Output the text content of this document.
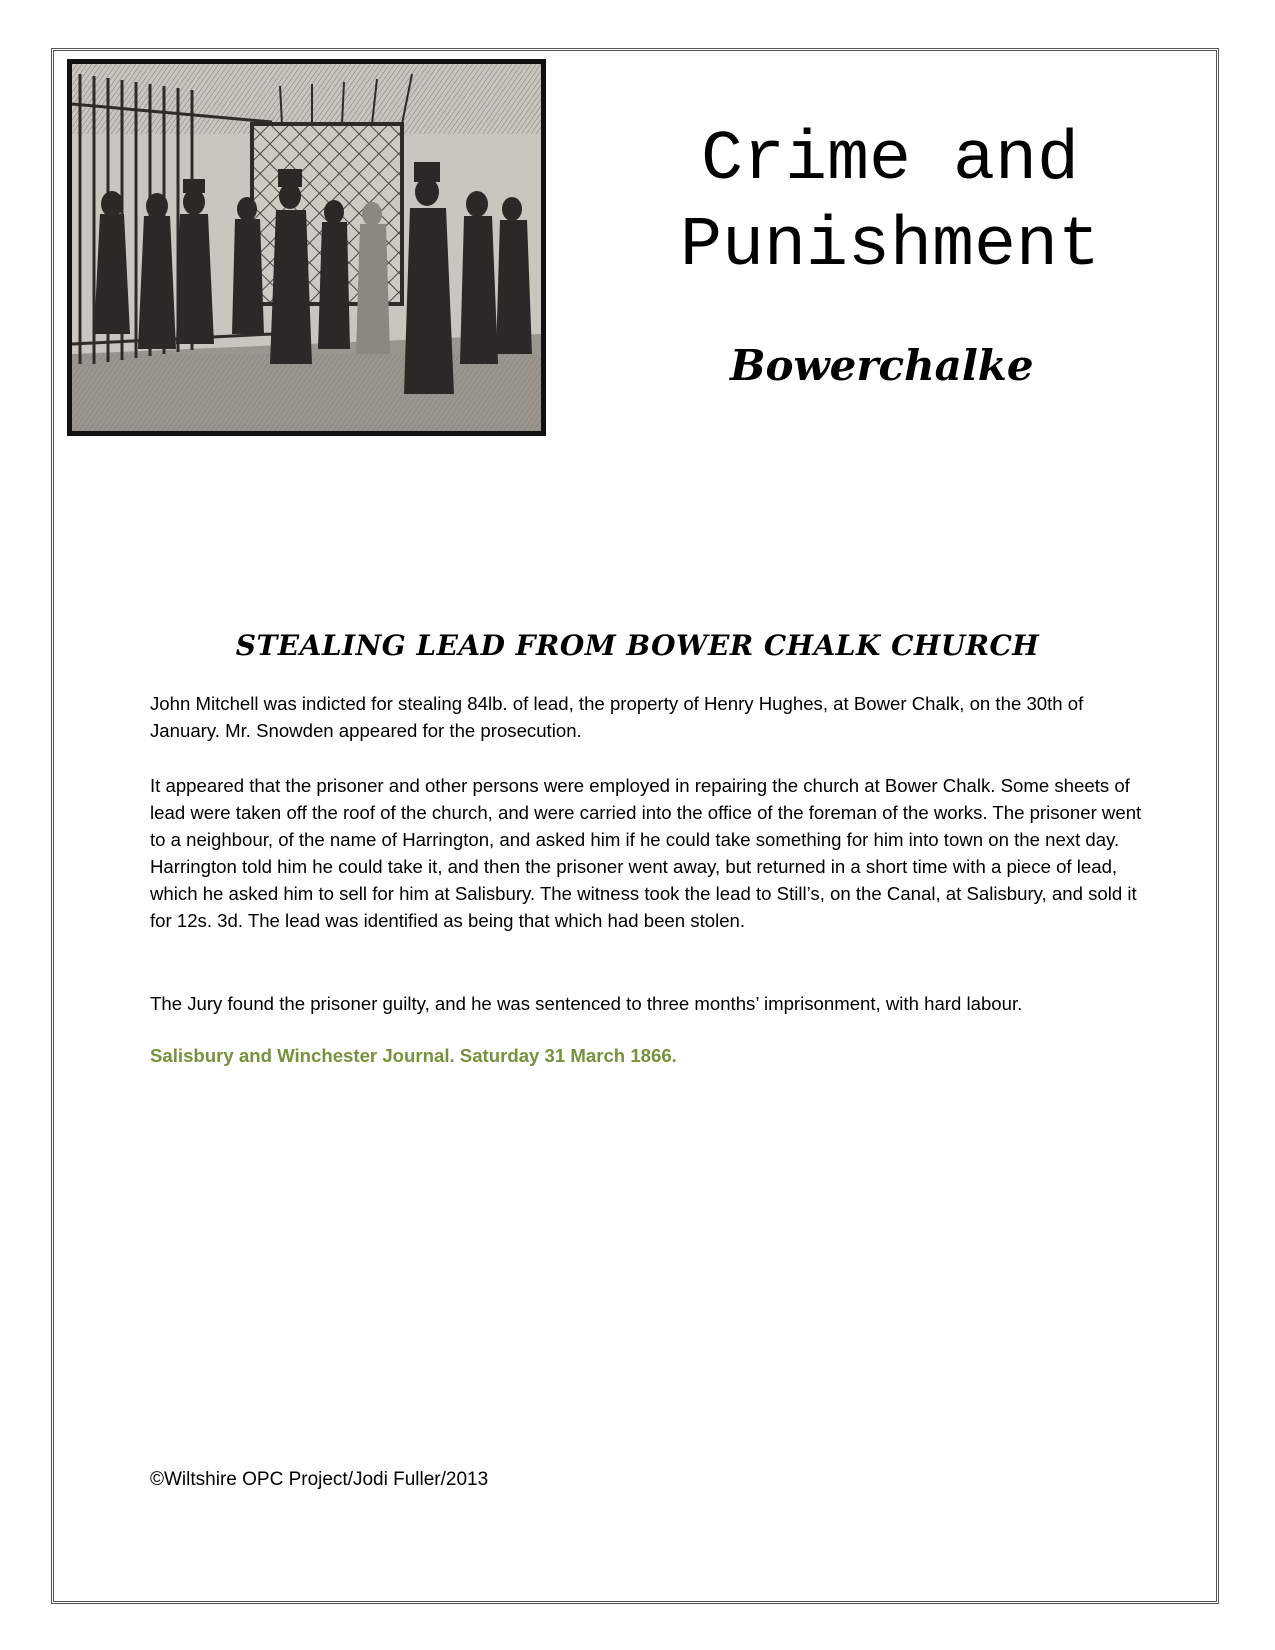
Crime and
Punishment
Bowerchalke
STEALING LEAD FROM BOWER CHALK CHURCH

John Mitchell was indicted for stealing 84lb. of lead, the property of Henry Hughes, at Bower Chalk, on the 30th of January. Mr. Snowden appeared for the prosecution.

It appeared that the prisoner and other persons were employed in repairing the church at Bower Chalk. Some sheets of lead were taken off the roof of the church, and were carried into the office of the foreman of the works. The prisoner went to a neighbour, of the name of Harrington, and asked him if he could take something for him into town on the next day. Harrington told him he could take it, and then the prisoner went away, but returned in a short time with a piece of lead, which he asked him to sell for him at Salisbury. The witness took the lead to Still’s, on the Canal, at Salisbury, and sold it for 12s. 3d. The lead was identified as being that which had been stolen.

The Jury found the prisoner guilty, and he was sentenced to three months’ imprisonment, with hard labour.

Salisbury and Winchester Journal. Saturday 31 March 1866.

©Wiltshire OPC Project/Jodi Fuller/2013
